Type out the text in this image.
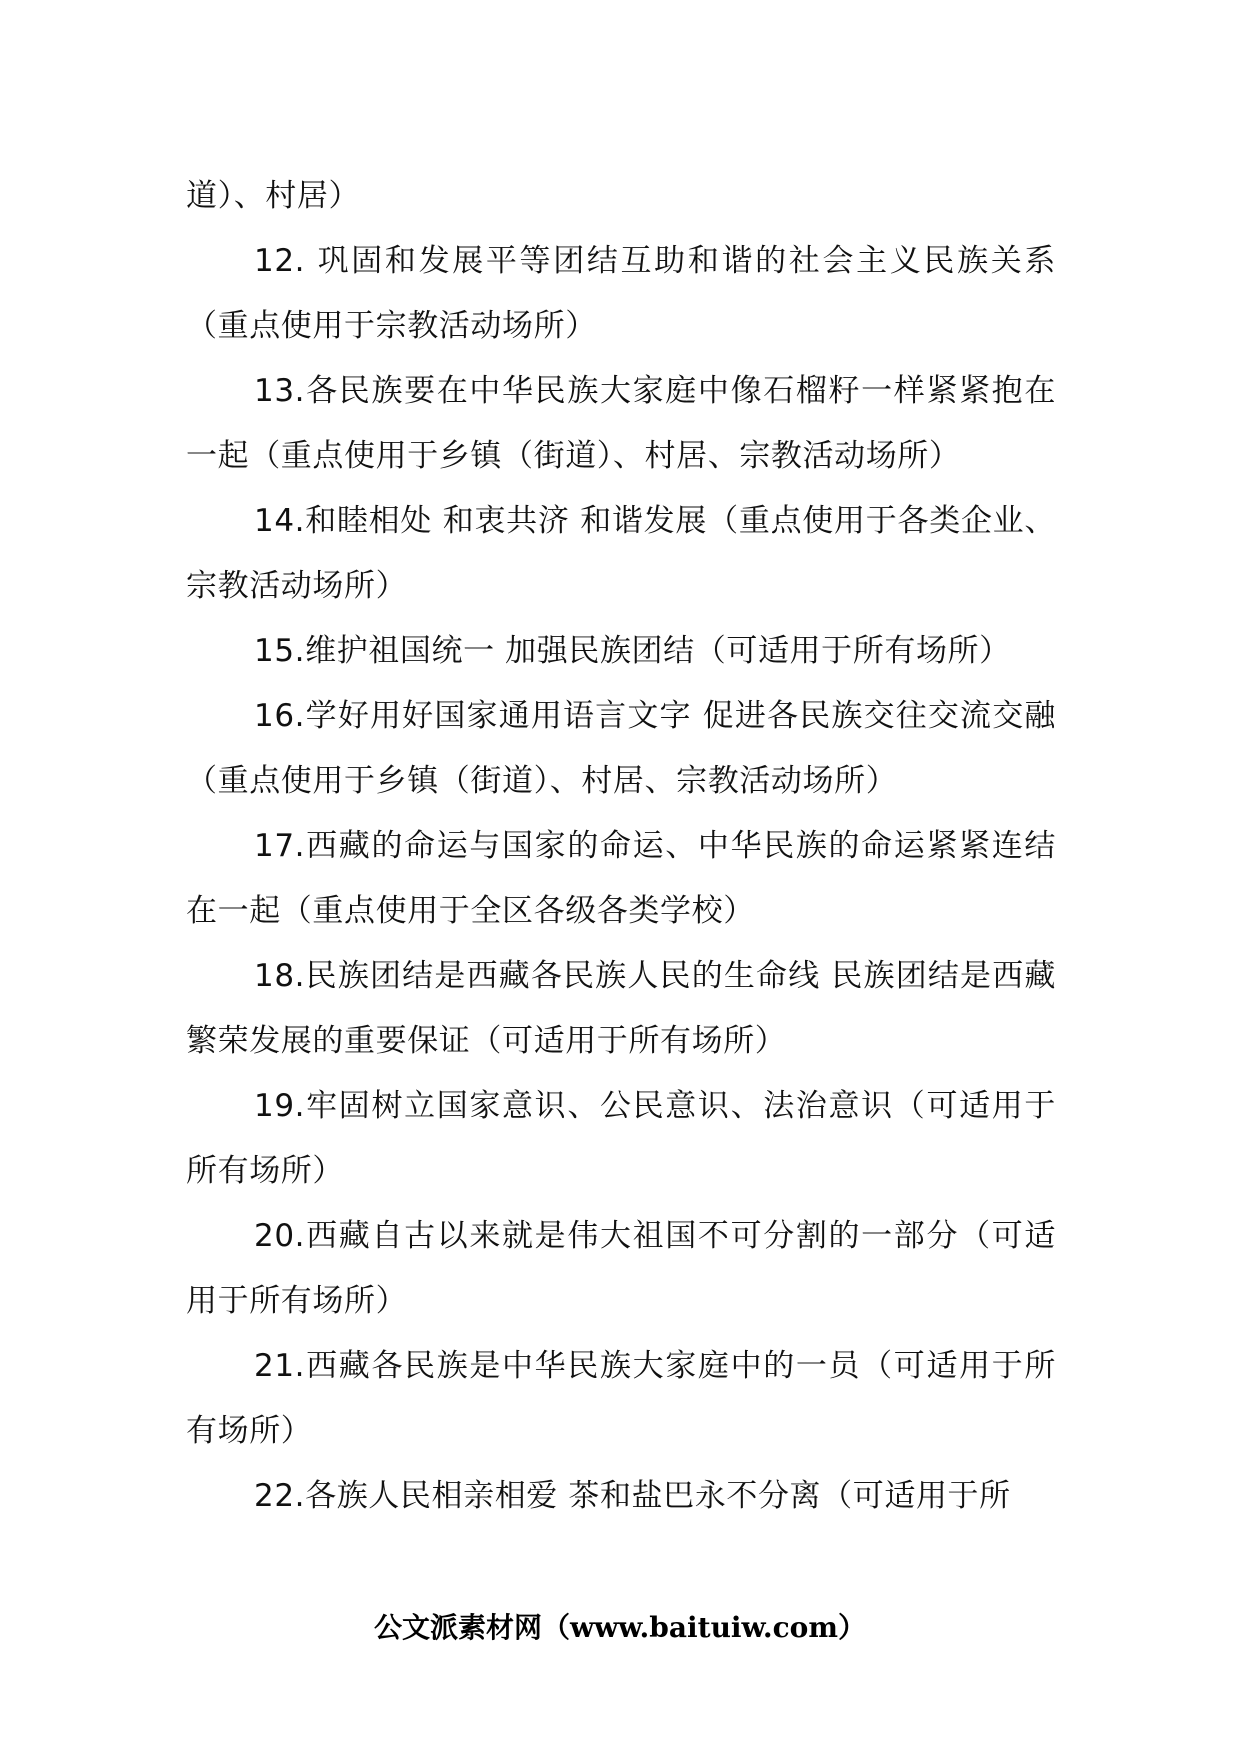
道）、村居）

12. 巩固和发展平等团结互助和谐的社会主义民族关系（重点使用于宗教活动场所）

13.各民族要在中华民族大家庭中像石榴籽一样紧紧抱在一起（重点使用于乡镇（街道）、村居、宗教活动场所）

14.和睦相处 和衷共济 和谐发展（重点使用于各类企业、宗教活动场所）

15.维护祖国统一 加强民族团结（可适用于所有场所）

16.学好用好国家通用语言文字 促进各民族交往交流交融（重点使用于乡镇（街道）、村居、宗教活动场所）

17.西藏的命运与国家的命运、中华民族的命运紧紧连结在一起（重点使用于全区各级各类学校）

18.民族团结是西藏各民族人民的生命线 民族团结是西藏繁荣发展的重要保证（可适用于所有场所）

19.牢固树立国家意识、公民意识、法治意识（可适用于所有场所）

20.西藏自古以来就是伟大祖国不可分割的一部分（可适用于所有场所）

21.西藏各民族是中华民族大家庭中的一员（可适用于所有场所）

22.各族人民相亲相爱 茶和盐巴永不分离（可适用于所

公文派素材网（www.baituiw.com）
